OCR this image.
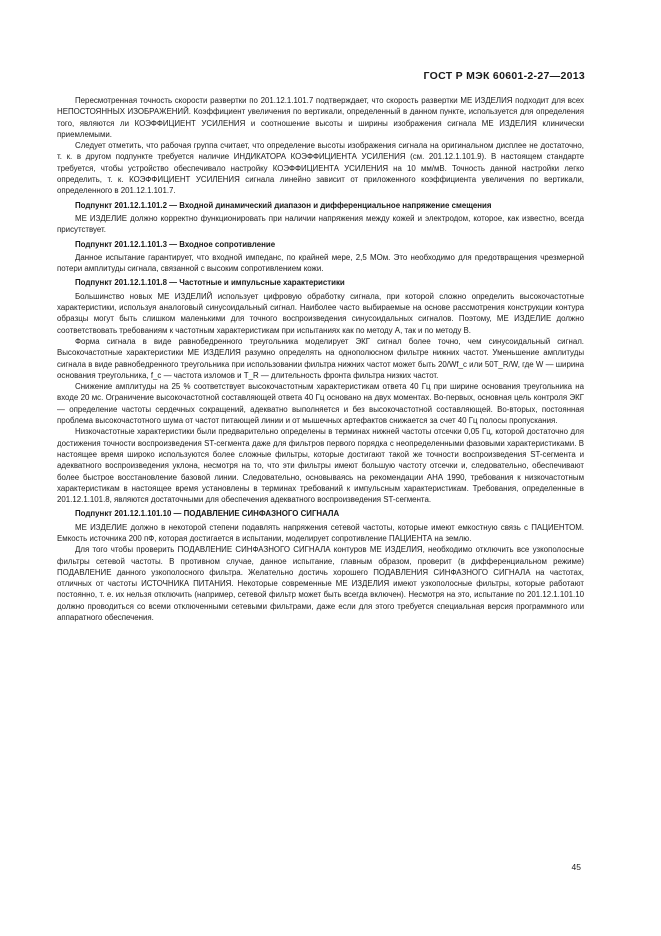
ГОСТ Р МЭК 60601-2-27—2013

Пересмотренная точность скорости развертки по 201.12.1.101.7 подтверждает, что скорость развертки МЕ ИЗДЕЛИЯ подходит для всех НЕПОСТОЯННЫХ ИЗОБРАЖЕНИЙ. Коэффициент увеличения по вертикали, определенный в данном пункте, используется для определения того, являются ли КОЭФФИЦИЕНТ УСИЛЕНИЯ и соотношение высоты и ширины изображения сигнала МЕ ИЗДЕЛИЯ клинически приемлемыми.

Следует отметить, что рабочая группа считает, что определение высоты изображения сигнала на оригинальном дисплее не достаточно, т. к. в другом подпункте требуется наличие ИНДИКАТОРА КОЭФФИЦИЕНТА УСИЛЕНИЯ (см. 201.12.1.101.9). В настоящем стандарте требуется, чтобы устройство обеспечивало настройку КОЭФФИЦИЕНТА УСИЛЕНИЯ на 10 мм/мВ. Точность данной настройки легко определить, т. к. КОЭФФИЦИЕНТ УСИЛЕНИЯ сигнала линейно зависит от приложенного коэффициента увеличения по вертикали, определенного в 201.12.1.101.7.

Подпункт 201.12.1.101.2 — Входной динамический диапазон и дифференциальное напряжение смещения

МЕ ИЗДЕЛИЕ должно корректно функционировать при наличии напряжения между кожей и электродом, которое, как известно, всегда присутствует.

Подпункт 201.12.1.101.3 — Входное сопротивление

Данное испытание гарантирует, что входной импеданс, по крайней мере, 2,5 МОм. Это необходимо для предотвращения чрезмерной потери амплитуды сигнала, связанной с высоким сопротивлением кожи.

Подпункт 201.12.1.101.8 — Частотные и импульсные характеристики

Большинство новых МЕ ИЗДЕЛИЙ использует цифровую обработку сигнала, при которой сложно определить высокочастотные характеристики, используя аналоговый синусоидальный сигнал. Наиболее часто выбираемые на основе рассмотрения конструкции контура образцы могут быть слишком маленькими для точного воспроизведения синусоидальных сигналов. Поэтому, МЕ ИЗДЕЛИЕ должно соответствовать требованиям к частотным характеристикам при испытаниях как по методу А, так и по методу В.

Форма сигнала в виде равнобедренного треугольника моделирует ЭКГ сигнал более точно, чем синусоидальный сигнал. Высокочастотные характеристики МЕ ИЗДЕЛИЯ разумно определять на однополюсном фильтре нижних частот. Уменьшение амплитуды сигнала в виде равнобедренного треугольника при использовании фильтра нижних частот может быть 20/Wf_c или 50T_R/W, где W — ширина основания треугольника, f_c — частота изломов и T_R — длительность фронта фильтра низких частот.

Снижение амплитуды на 25 % соответствует высокочастотным характеристикам ответа 40 Гц при ширине основания треугольника на входе 20 мс. Ограничение высокочастотной составляющей ответа 40 Гц основано на двух моментах. Во-первых, основная цель контроля ЭКГ — определение частоты сердечных сокращений, адекватно выполняется и без высокочастотной составляющей. Во-вторых, постоянная проблема высокочастотного шума от частот питающей линии и от мышечных артефактов снижается за счет 40 Гц полосы пропускания.

Низкочастотные характеристики были предварительно определены в терминах нижней частоты отсечки 0,05 Гц, которой достаточно для достижения точности воспроизведения ST-сегмента даже для фильтров первого порядка с неопределенными фазовыми характеристиками. В настоящее время широко используются более сложные фильтры, которые достигают такой же точности воспроизведения ST-сегмента и адекватного воспроизведения уклона, несмотря на то, что эти фильтры имеют большую частоту отсечки и, следовательно, обеспечивают более быстрое восстановление базовой линии. Следовательно, основываясь на рекомендации АНА 1990, требования к низкочастотным характеристикам в настоящее время установлены в терминах требований к импульсным характеристикам. Требования, определенные в 201.12.1.101.8, являются достаточными для обеспечения адекватного воспроизведения ST-сегмента.

Подпункт 201.12.1.101.10 — ПОДАВЛЕНИЕ СИНФАЗНОГО СИГНАЛА

МЕ ИЗДЕЛИЕ должно в некоторой степени подавлять напряжения сетевой частоты, которые имеют емкостную связь с ПАЦИЕНТОМ. Емкость источника 200 пФ, которая достигается в испытании, моделирует сопротивление ПАЦИЕНТА на землю.

Для того чтобы проверить ПОДАВЛЕНИЕ СИНФАЗНОГО СИГНАЛА контуров МЕ ИЗДЕЛИЯ, необходимо отключить все узкополосные фильтры сетевой частоты. В противном случае, данное испытание, главным образом, проверит (в дифференциальном режиме) ПОДАВЛЕНИЕ данного узкополосного фильтра. Желательно достичь хорошего ПОДАВЛЕНИЯ СИНФАЗНОГО СИГНАЛА на частотах, отличных от частоты ИСТОЧНИКА ПИТАНИЯ. Некоторые современные МЕ ИЗДЕЛИЯ имеют узкополосные фильтры, которые работают постоянно, т. е. их нельзя отключить (например, сетевой фильтр может быть всегда включен). Несмотря на это, испытание по 201.12.1.101.10 должно проводиться со всеми отключенными сетевыми фильтрами, даже если для этого требуется специальная версия программного или аппаратного обеспечения.

45
